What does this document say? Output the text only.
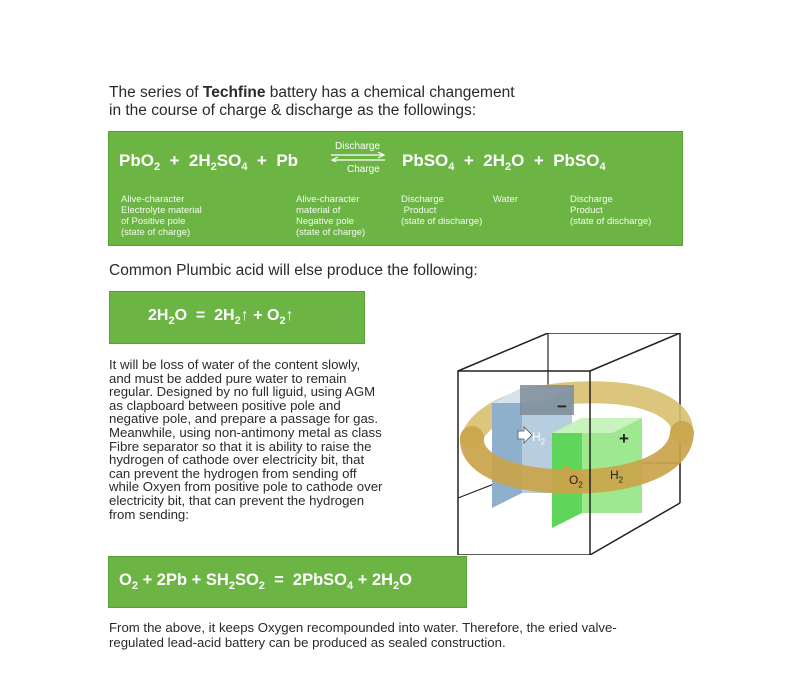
The series of Techfine battery has a chemical changement
in the course of charge & discharge as the followings:
$PbO_2 + 2H_2SO_4 + Pb$
Discharge
Charge PbSO$_4$ + $2H_2O$ + PbSO$_4$
Alive-character
Electrolyte material
of Positive pole
(state of charge)
Alive-character
material of
Negative pole
(state of charge)
Discharge
Product
(state of discharge)
Water	Discharge
Product
(state of discharge)
Common Plumbic acid will else produce the following:
$2H_2O$ = $2H_2↑$ + $O_2↑$
It will be loss of water of the content slowly,
and must be added pure water to remain
regular. Designed by no full liguid, using AGM
as clapboard between positive pole and
negative pole, and prepare a passage for gas.
Meanwhile, using non-antimony metal as class
Fibre separator so that it is ability to raise the
hydrogen of cathode over electricity bit, that
can prevent the hydrogen from sending off
while Oxyen from positive pole to cathode over
electricity bit, that can prevent the hydrogen
from sending:
−
+
$H_2$
$O_2$
$H_2$
$O_2 + 2Pb + SH_2SO_2$ = 2PbSO$_4$ + $2H_2O$
From the above, it keeps Oxygen recompounded into water. Therefore, the eried valve-
regulated lead-acid battery can be produced as sealed construction.
